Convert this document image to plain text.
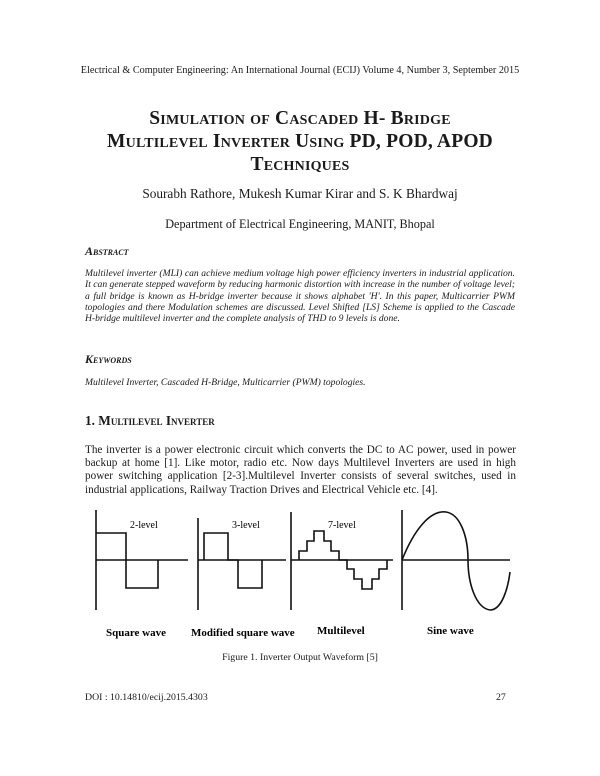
Electrical & Computer Engineering: An International Journal (ECIJ) Volume 4, Number 3, September 2015
Simulation of Cascaded H- Bridge
Multilevel Inverter Using PD, POD, APOD
Techniques
Sourabh Rathore, Mukesh Kumar Kirar and S. K Bhardwaj
Department of Electrical Engineering, MANIT, Bhopal
Abstract
Multilevel inverter (MLI) can achieve medium voltage high power efficiency inverters in industrial application. It can generate stepped waveform by reducing harmonic distortion with increase in the number of voltage level; a full bridge is known as H-bridge inverter because it shows alphabet 'H'. In this paper, Multicarrier PWM topologies and there Modulation schemes are discussed. Level Shifted [LS] Scheme is applied to the Cascade H-bridge multilevel inverter and the complete analysis of THD to 9 levels is done.
Keywords
Multilevel Inverter, Cascaded H-Bridge, Multicarrier (PWM) topologies.
1. Multilevel Inverter
The inverter is a power electronic circuit which converts the DC to AC power, used in power backup at home [1]. Like motor, radio etc. Now days Multilevel Inverters are used in high power switching application [2-3].Multilevel Inverter consists of several switches, used in industrial applications, Railway Traction Drives and Electrical Vehicle etc. [4].
2-level	3-level	7-level
Square wave Modified square wave Multilevel	Sine wave
Figure 1. Inverter Output Waveform [5]
DOI : 10.14810/ecij.2015.4303	27
